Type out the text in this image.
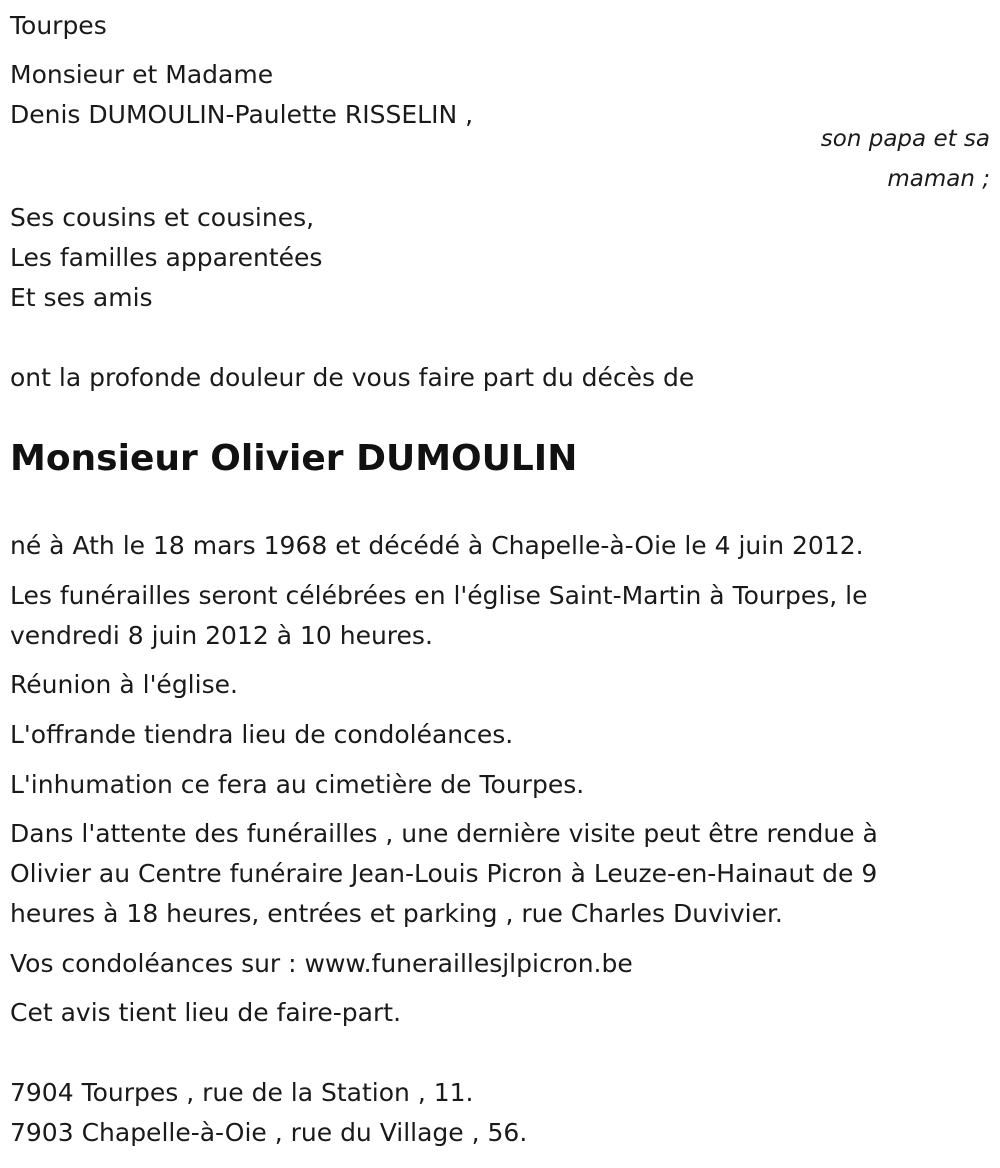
Tourpes
Monsieur et Madame
Denis DUMOULIN-Paulette RISSELIN ,
son papa et sa
maman ;
Ses cousins et cousines,
Les familles apparentées
Et ses amis
ont la profonde douleur de vous faire part du décès de
Monsieur Olivier DUMOULIN
né à Ath le 18 mars 1968 et décédé à Chapelle-à-Oie le 4 juin 2012.
Les funérailles seront célébrées en l'église Saint-Martin à Tourpes, le
vendredi 8 juin 2012 à 10 heures.
Réunion à l'église.
L'offrande tiendra lieu de condoléances.
L'inhumation ce fera au cimetière de Tourpes.
Dans l'attente des funérailles , une dernière visite peut être rendue à
Olivier au Centre funéraire Jean-Louis Picron à Leuze-en-Hainaut de 9
heures à 18 heures, entrées et parking , rue Charles Duvivier.
Vos condoléances sur : www.funeraillesjlpicron.be
Cet avis tient lieu de faire-part.
7904 Tourpes , rue de la Station , 11.
7903 Chapelle-à-Oie , rue du Village , 56.
